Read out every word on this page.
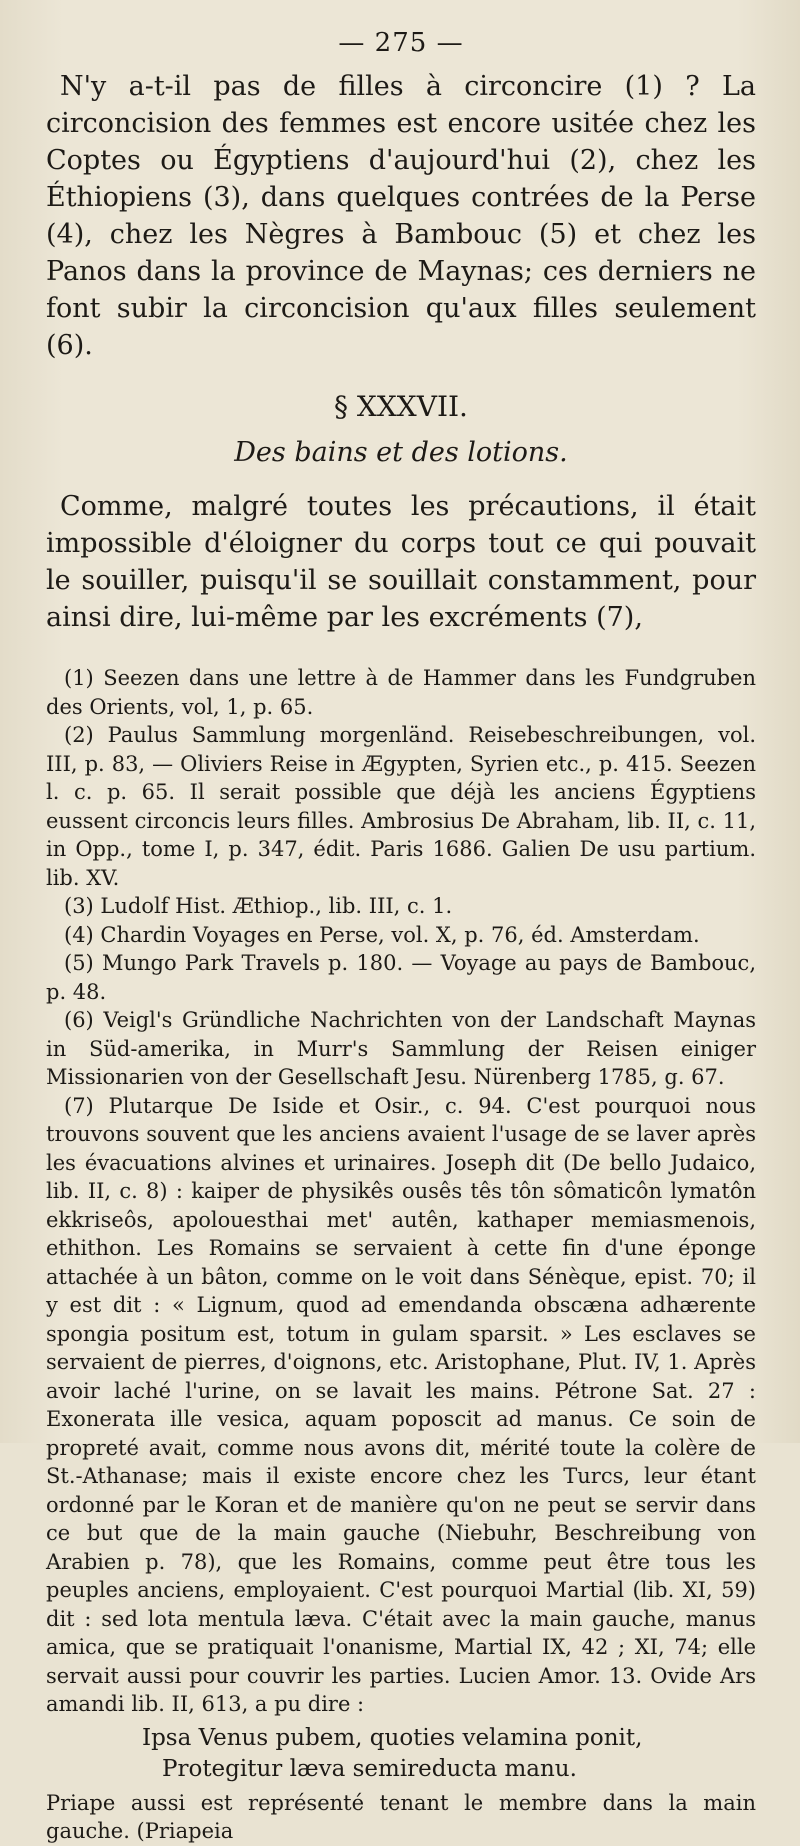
— 275 —

N'y a-t-il pas de filles à circoncire (1) ? La circoncision des femmes est encore usitée chez les Coptes ou Égyptiens d'aujourd'hui (2), chez les Éthiopiens (3), dans quelques contrées de la Perse (4), chez les Nègres à Bambouc (5) et chez les Panos dans la province de Maynas; ces derniers ne font subir la circoncision qu'aux filles seulement (6).

§ XXXVII.
Des bains et des lotions.

Comme, malgré toutes les précautions, il était impossible d'éloigner du corps tout ce qui pouvait le souiller, puisqu'il se souillait constamment, pour ainsi dire, lui-même par les excréments (7),

(1) Seezen dans une lettre à de Hammer dans les Fundgruben des Orients, vol, 1, p. 65.

(2) Paulus Sammlung morgenländ. Reisebeschreibungen, vol. III, p. 83, — Oliviers Reise in Ægypten, Syrien etc., p. 415. Seezen l. c. p. 65. Il serait possible que déjà les anciens Égyptiens eussent circoncis leurs filles. Ambrosius De Abraham, lib. II, c. 11, in Opp., tome I, p. 347, édit. Paris 1686. Galien De usu partium. lib. XV.

(3) Ludolf Hist. Æthiop., lib. III, c. 1.

(4) Chardin Voyages en Perse, vol. X, p. 76, éd. Amsterdam.

(5) Mungo Park Travels p. 180. — Voyage au pays de Bambouc, p. 48.

(6) Veigl's Gründliche Nachrichten von der Landschaft Maynas in Süd-amerika, in Murr's Sammlung der Reisen einiger Missionarien von der Gesellschaft Jesu. Nürenberg 1785, g. 67.

(7) Plutarque De Iside et Osir., c. 94. C'est pourquoi nous trouvons souvent que les anciens avaient l'usage de se laver après les évacuations alvines et urinaires. Joseph dit (De bello Judaico, lib. II, c. 8) : kaiper de physikês ousês tês tôn sômaticôn lymatôn ekkriseôs, apolouesthai met' autên, kathaper memiasmenois, ethithon. Les Romains se servaient à cette fin d'une éponge attachée à un bâton, comme on le voit dans Sénèque, epist. 70; il y est dit : « Lignum, quod ad emendanda obscæna adhærente spongia positum est, totum in gulam sparsit. » Les esclaves se servaient de pierres, d'oignons, etc. Aristophane, Plut. IV, 1. Après avoir laché l'urine, on se lavait les mains. Pétrone Sat. 27 : Exonerata ille vesica, aquam poposcit ad manus. Ce soin de propreté avait, comme nous avons dit, mérité toute la colère de St.-Athanase; mais il existe encore chez les Turcs, leur étant ordonné par le Koran et de manière qu'on ne peut se servir dans ce but que de la main gauche (Niebuhr, Beschreibung von Arabien p. 78), que les Romains, comme peut être tous les peuples anciens, employaient. C'est pourquoi Martial (lib. XI, 59) dit : sed lota mentula læva. C'était avec la main gauche, manus amica, que se pratiquait l'onanisme, Martial IX, 42 ; XI, 74; elle servait aussi pour couvrir les parties. Lucien Amor. 13. Ovide Ars amandi lib. II, 613, a pu dire :

Ipsa Venus pubem, quoties velamina ponit,
Protegitur læva semireducta manu.

Priape aussi est représenté tenant le membre dans la main gauche. (Priapeia
